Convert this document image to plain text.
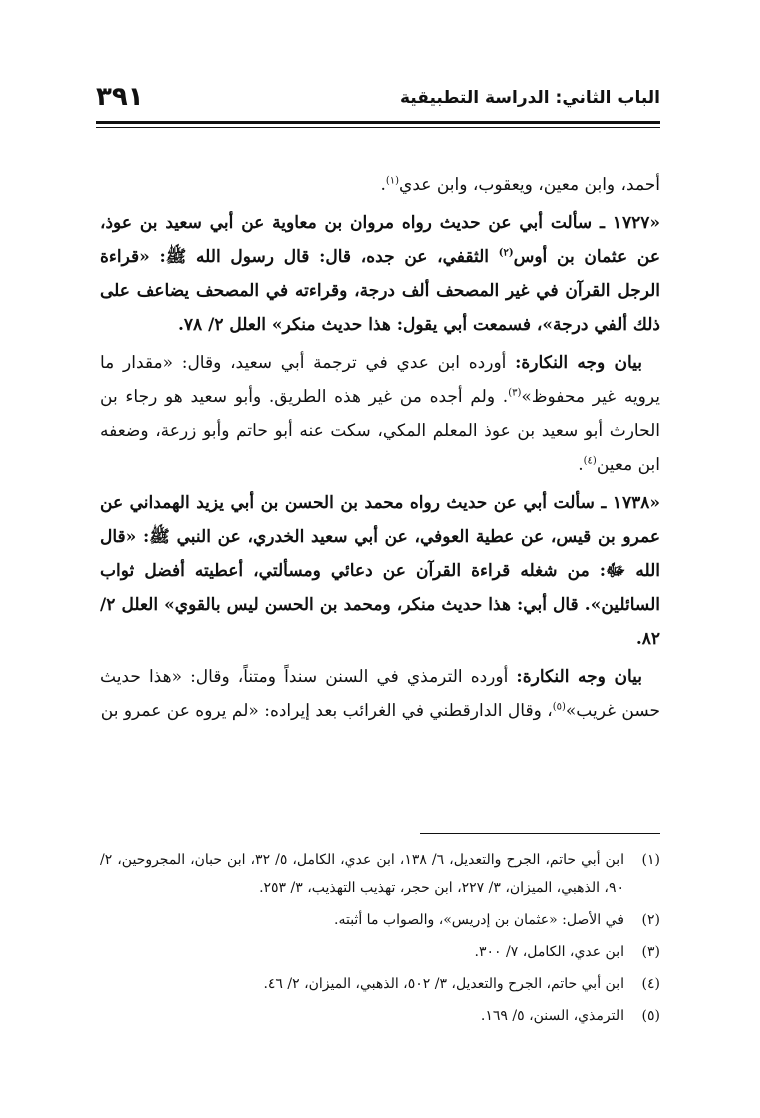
الباب الثاني: الدراسة التطبيقية
٣٩١

أحمد، وابن معين، ويعقوب، وابن عدي$^{(١)}$.

«١٧٢٧ ـ سألت أبي عن حديث رواه مروان بن معاوية عن أبي سعيد بن عوذ، عن عثمان بن أوس$^{(٢)}$ الثقفي، عن جده، قال: قال رسول الله ﷺ: «قراءة الرجل القرآن في غير المصحف ألف درجة، وقراءته في المصحف يضاعف على ذلك ألفي درجة»، فسمعت أبي يقول: هذا حديث منكر» العلل ٢/ ٧٨.

بيان وجه النكارة: أورده ابن عدي في ترجمة أبي سعيد، وقال: «مقدار ما يرويه غير محفوظ»$^{(٣)}$. ولم أجده من غير هذه الطريق. وأبو سعيد هو رجاء بن الحارث أبو سعيد بن عوذ المعلم المكي، سكت عنه أبو حاتم وأبو زرعة، وضعفه ابن معين$^{(٤)}$.

«١٧٣٨ ـ سألت أبي عن حديث رواه محمد بن الحسن بن أبي يزيد الهمداني عن عمرو بن قيس، عن عطية العوفي، عن أبي سعيد الخدري، عن النبي ﷺ: «قال الله ﷻ: من شغله قراءة القرآن عن دعائي ومسألتي، أعطيته أفضل ثواب السائلين». قال أبي: هذا حديث منكر، ومحمد بن الحسن ليس بالقوي» العلل ٢/ ٨٢.

بيان وجه النكارة: أورده الترمذي في السنن سنداً ومتناً، وقال: «هذا حديث حسن غريب»$^{(٥)}$، وقال الدارقطني في الغرائب بعد إيراده: «لم يروه عن عمرو بن

(١)
ابن أبي حاتم، الجرح والتعديل، ٦/ ١٣٨، ابن عدي، الكامل، ٥/ ٣٢، ابن حبان، المجروحين، ٢/ ٩٠، الذهبي، الميزان، ٣/ ٢٢٧، ابن حجر، تهذيب التهذيب، ٣/ ٢٥٣.
(٢)
في الأصل: «عثمان بن إدريس»، والصواب ما أثبته.
(٣)
ابن عدي، الكامل، ٧/ ٣٠٠.
(٤)
ابن أبي حاتم، الجرح والتعديل، ٣/ ٥٠٢، الذهبي، الميزان، ٢/ ٤٦.
(٥)
الترمذي، السنن، ٥/ ١٦٩.
